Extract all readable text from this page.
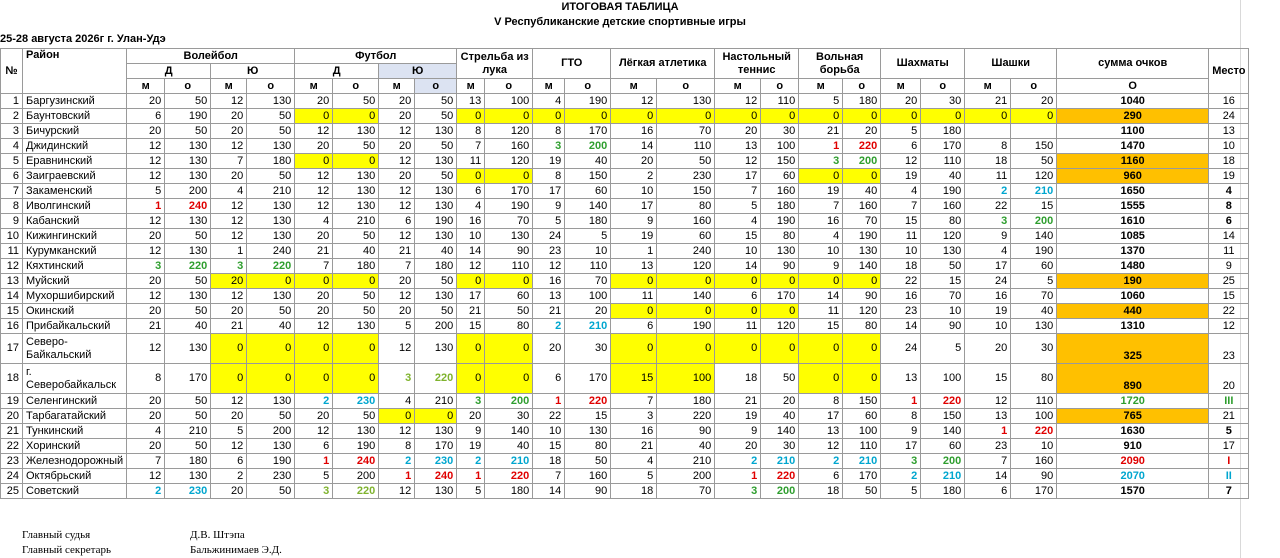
ИТОГОВАЯ ТАБЛИЦА
V Республиканские детские спортивные игры
25-28 августа 2026г г. Улан-Удэ
№	Район	Волейбол				Футбол				Стрельба из лука		ГТО		Лёгкая атлетика		Настольный теннис		Вольная борьба		Шахматы		Шашки		сумма очков	Место
		Д		Ю		Д		Ю																	
		м	о	м	о	м	о	м	о	м	о	м	о	м	о	м	о	м	о	м	о	м	о	О	
1	Баргузинский	20	50	12	130	20	50	20	50	13	100	4	190	12	130	12	110	5	180	20	30	21	20	1040	16
2	Баунтовский	6	190	20	50	0	0	20	50	0	0	0	0	0	0	0	0	0	0	0	0	0	0	290	24
3	Бичурский	20	50	20	50	12	130	12	130	8	120	8	170	16	70	20	30	21	20	5	180			1100	13
4	Джидинский	12	130	12	130	20	50	20	50	7	160	3	200	14	110	13	100	1	220	6	170	8	150	1470	10
5	Еравнинский	12	130	7	180	0	0	12	130	11	120	19	40	20	50	12	150	3	200	12	110	18	50	1160	18
6	Заиграевский	12	130	20	50	12	130	20	50	0	0	8	150	2	230	17	60	0	0	19	40	11	120	960	19
7	Закаменский	5	200	4	210	12	130	12	130	6	170	17	60	10	150	7	160	19	40	4	190	2	210	1650	4
8	Иволгинский	1	240	12	130	12	130	12	130	4	190	9	140	17	80	5	180	7	160	7	160	22	15	1555	8
9	Кабанский	12	130	12	130	4	210	6	190	16	70	5	180	9	160	4	190	16	70	15	80	3	200	1610	6
10	Кижингинский	20	50	12	130	20	50	12	130	10	130	24	5	19	60	15	80	4	190	11	120	9	140	1085	14
11	Курумканский	12	130	1	240	21	40	21	40	14	90	23	10	1	240	10	130	10	130	10	130	4	190	1370	11
12	Кяхтинский	3	220	3	220	7	180	7	180	12	110	12	110	13	120	14	90	9	140	18	50	17	60	1480	9
13	Муйский	20	50	20	0	0	0	20	50	0	0	16	70	0	0	0	0	0	0	22	15	24	5	190	25
14	Мухоршибирский	12	130	12	130	20	50	12	130	17	60	13	100	11	140	6	170	14	90	16	70	16	70	1060	15
15	Окинский	20	50	20	50	20	50	20	50	21	50	21	20	0	0	0	0	11	120	23	10	19	40	440	22
16	Прибайкальский	21	40	21	40	12	130	5	200	15	80	2	210	6	190	11	120	15	80	14	90	10	130	1310	12
17	Северо-Байкальский	12	130	0	0	0	0	12	130	0	0	20	30	0	0	0	0	0	0	24	5	20	30	325	23
18	г. Северобайкальск	8	170	0	0	0	0	3	220	0	0	6	170	15	100	18	50	0	0	13	100	15	80	890	20
19	Селенгинский	20	50	12	130	2	230	4	210	3	200	1	220	7	180	21	20	8	150	1	220	12	110	1720	III
20	Тарбагатайский	20	50	20	50	20	50	0	0	20	30	22	15	3	220	19	40	17	60	8	150	13	100	765	21
21	Тункинский	4	210	5	200	12	130	12	130	9	140	10	130	16	90	9	140	13	100	9	140	1	220	1630	5
22	Хоринский	20	50	12	130	6	190	8	170	19	40	15	80	21	40	20	30	12	110	17	60	23	10	910	17
23	Железнодорожный	7	180	6	190	1	240	2	230	2	210	18	50	4	210	2	210	2	210	3	200	7	160	2090	I
24	Октябрьский	12	130	2	230	5	200	1	240	1	220	7	160	5	200	1	220	6	170	2	210	14	90	2070	II
25	Советский	2	230	20	50	3	220	12	130	5	180	14	90	18	70	3	200	18	50	5	180	6	170	1570	7
Главный судья	Д.В. Штэпа
Главный секретарь	Бальжинимаев Э.Д.
